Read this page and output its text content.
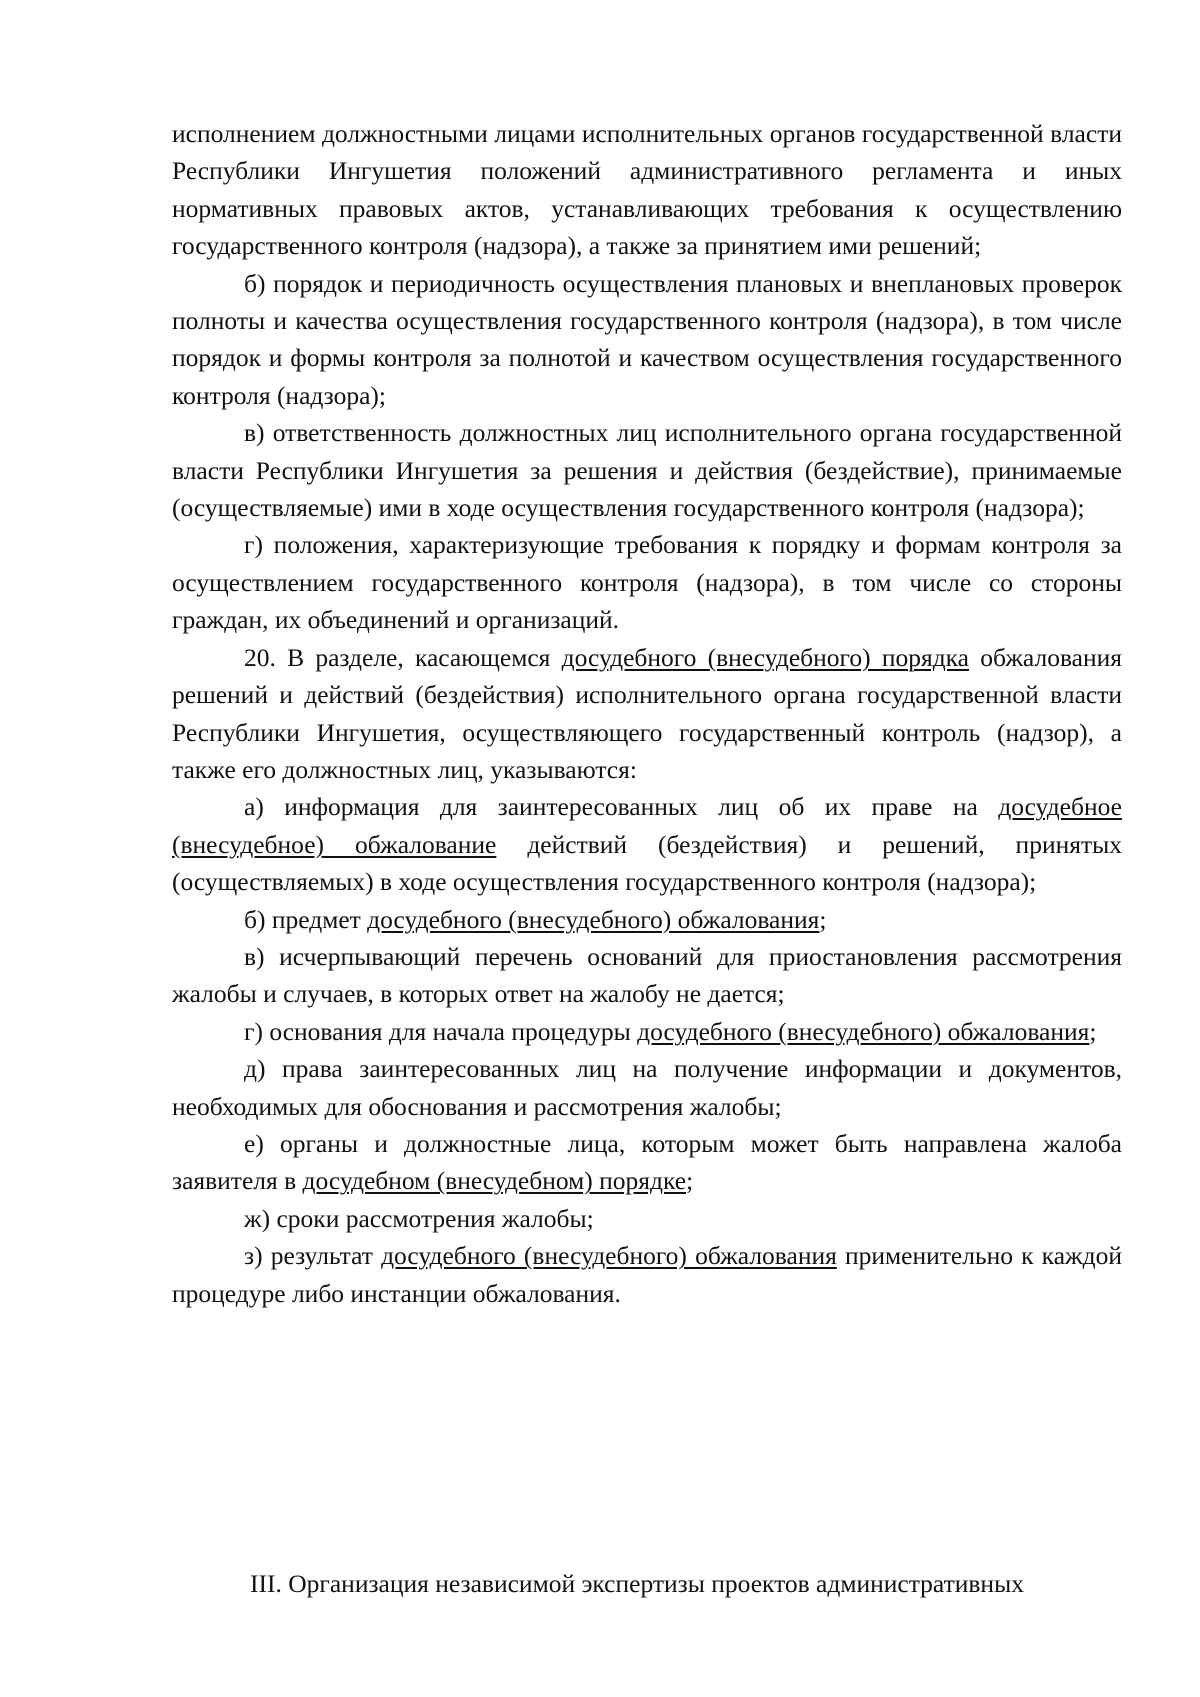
исполнением должностными лицами исполнительных органов государственной власти Республики Ингушетия положений административного регламента и иных нормативных правовых актов, устанавливающих требования к осуществлению государственного контроля (надзора), а также за принятием ими решений;

б) порядок и периодичность осуществления плановых и внеплановых проверок полноты и качества осуществления государственного контроля (надзора), в том числе порядок и формы контроля за полнотой и качеством осуществления государственного контроля (надзора);

в) ответственность должностных лиц исполнительного органа государственной власти Республики Ингушетия за решения и действия (бездействие), принимаемые (осуществляемые) ими в ходе осуществления государственного контроля (надзора);

г) положения, характеризующие требования к порядку и формам контроля за осуществлением государственного контроля (надзора), в том числе со стороны граждан, их объединений и организаций.

20. В разделе, касающемся досудебного (внесудебного) порядка обжалования решений и действий (бездействия) исполнительного органа государственной власти Республики Ингушетия, осуществляющего государственный контроль (надзор), а также его должностных лиц, указываются:

а) информация для заинтересованных лиц об их праве на досудебное (внесудебное) обжалование действий (бездействия) и решений, принятых (осуществляемых) в ходе осуществления государственного контроля (надзора);

б) предмет досудебного (внесудебного) обжалования;

в) исчерпывающий перечень оснований для приостановления рассмотрения жалобы и случаев, в которых ответ на жалобу не дается;

г) основания для начала процедуры досудебного (внесудебного) обжалования;

д) права заинтересованных лиц на получение информации и документов, необходимых для обоснования и рассмотрения жалобы;

е) органы и должностные лица, которым может быть направлена жалоба заявителя в досудебном (внесудебном) порядке;

ж) сроки рассмотрения жалобы;

з) результат досудебного (внесудебного) обжалования применительно к каждой процедуре либо инстанции обжалования.

III. Организация независимой экспертизы проектов административных
